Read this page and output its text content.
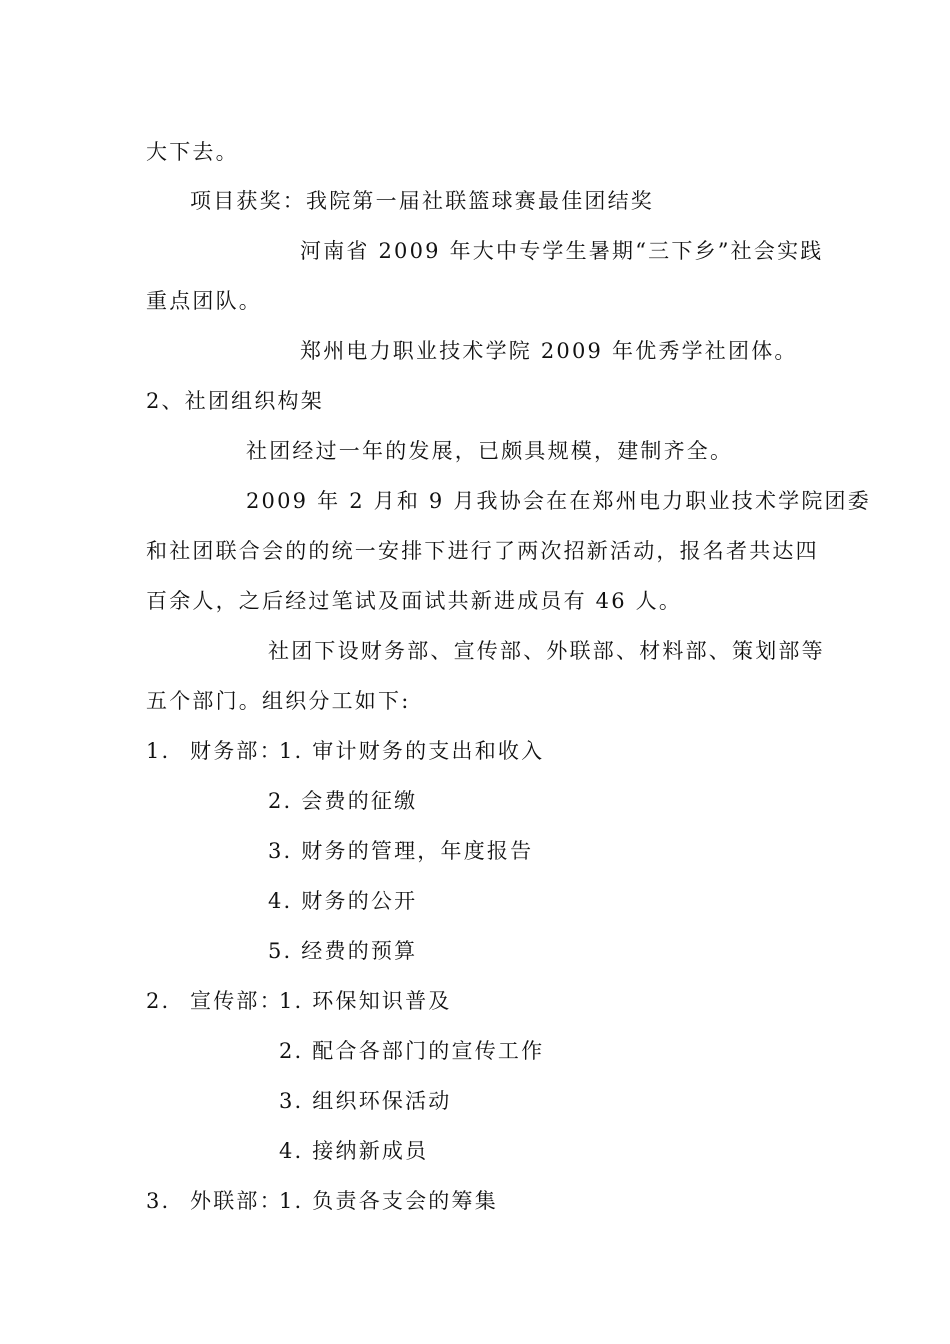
大下去。
项目获奖：我院第一届社联篮球赛最佳团结奖
河南省 2009 年大中专学生暑期“三下乡”社会实践
重点团队。
郑州电力职业技术学院 2009 年优秀学社团体。
2、社团组织构架
社团经过一年的发展，已颇具规模，建制齐全。
2009 年 2 月和 9 月我协会在在郑州电力职业技术学院团委
和社团联合会的的统一安排下进行了两次招新活动，报名者共达四
百余人，之后经过笔试及面试共新进成员有 46 人。
社团下设财务部、宣传部、外联部、材料部、策划部等
五个部门。组织分工如下:
1. 财务部：
1. 审计财务的支出和收入
2. 会费的征缴
3. 财务的管理，年度报告
4. 财务的公开
5. 经费的预算
2. 宣传部：
1. 环保知识普及
2. 配合各部门的宣传工作
3. 组织环保活动
4. 接纳新成员
3. 外联部：
1. 负责各支会的筹集
